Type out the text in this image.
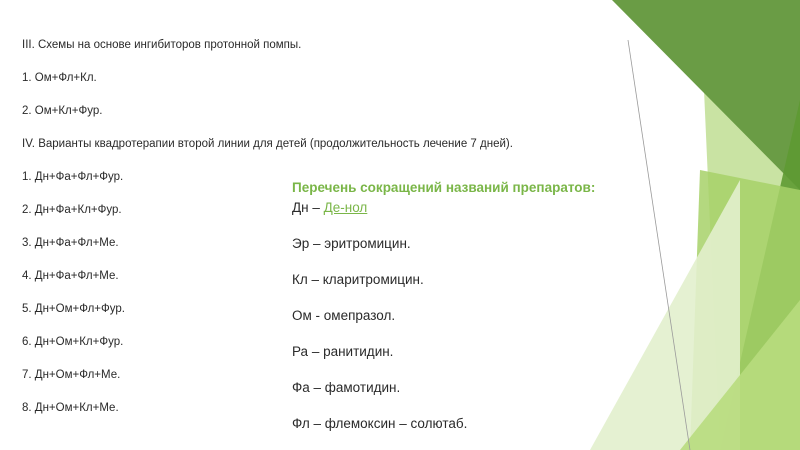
III. Схемы на основе ингибиторов протонной помпы.
1. Ом+Фл+Кл.
2. Ом+Кл+Фур.
IV. Варианты квадротерапии второй линии для детей (продолжительность лечение 7 дней).
1. Дн+Фа+Фл+Фур.
2. Дн+Фа+Кл+Фур.
3. Дн+Фа+Фл+Ме.
4. Дн+Фа+Фл+Ме.
5. Дн+Ом+Фл+Фур.
6. Дн+Ом+Кл+Фур.
7. Дн+Ом+Фл+Ме.
8. Дн+Ом+Кл+Ме.
Перечень сокращений названий препаратов:
Дн – Де-нол
Эр – эритромицин.
Кл – кларитромицин.
Ом - омепразол.
Ра – ранитидин.
Фа – фамотидин.
Фл – флемоксин – солютаб.
